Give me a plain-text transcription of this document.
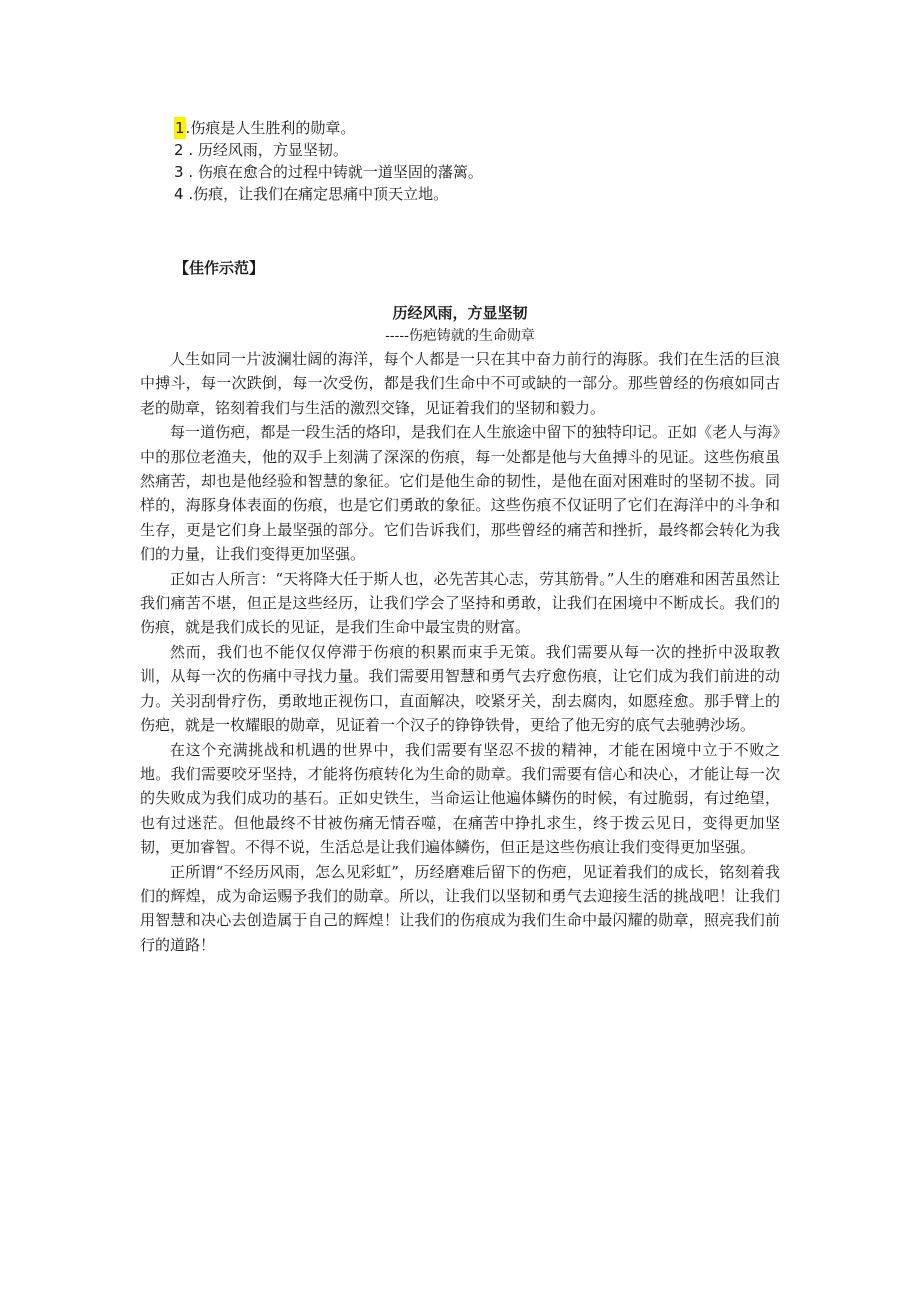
1.伤痕是人生胜利的勋章。
2 . 历经风雨，方显坚韧。
3 . 伤痕在愈合的过程中铸就一道坚固的藩篱。
4 .伤痕，让我们在痛定思痛中顶天立地。
【佳作示范】
历经风雨，方显坚韧
-----伤疤铸就的生命勋章

人生如同一片波澜壮阔的海洋，每个人都是一只在其中奋力前行的海豚。我们在生活的巨浪中搏斗，每一次跌倒，每一次受伤，都是我们生命中不可或缺的一部分。那些曾经的伤痕如同古老的勋章，铭刻着我们与生活的激烈交锋，见证着我们的坚韧和毅力。

每一道伤疤，都是一段生活的烙印，是我们在人生旅途中留下的独特印记。正如《老人与海》中的那位老渔夫，他的双手上刻满了深深的伤痕，每一处都是他与大鱼搏斗的见证。这些伤痕虽然痛苦，却也是他经验和智慧的象征。它们是他生命的韧性，是他在面对困难时的坚韧不拔。同样的，海豚身体表面的伤痕，也是它们勇敢的象征。这些伤痕不仅证明了它们在海洋中的斗争和生存，更是它们身上最坚强的部分。它们告诉我们，那些曾经的痛苦和挫折，最终都会转化为我们的力量，让我们变得更加坚强。

正如古人所言：“天将降大任于斯人也，必先苦其心志，劳其筋骨。”人生的磨难和困苦虽然让我们痛苦不堪，但正是这些经历，让我们学会了坚持和勇敢，让我们在困境中不断成长。我们的伤痕，就是我们成长的见证，是我们生命中最宝贵的财富。

然而，我们也不能仅仅停滞于伤痕的积累而束手无策。我们需要从每一次的挫折中汲取教训，从每一次的伤痛中寻找力量。我们需要用智慧和勇气去疗愈伤痕，让它们成为我们前进的动力。关羽刮骨疗伤，勇敢地正视伤口，直面解决，咬紧牙关，刮去腐肉，如愿痊愈。那手臂上的伤疤，就是一枚耀眼的勋章，见证着一个汉子的铮铮铁骨，更给了他无穷的底气去驰骋沙场。

在这个充满挑战和机遇的世界中，我们需要有坚忍不拔的精神，才能在困境中立于不败之地。我们需要咬牙坚持，才能将伤痕转化为生命的勋章。我们需要有信心和决心，才能让每一次的失败成为我们成功的基石。正如史铁生，当命运让他遍体鳞伤的时候，有过脆弱，有过绝望，也有过迷茫。但他最终不甘被伤痛无情吞噬，在痛苦中挣扎求生，终于拨云见日，变得更加坚韧，更加睿智。不得不说，生活总是让我们遍体鳞伤，但正是这些伤痕让我们变得更加坚强。

正所谓“不经历风雨，怎么见彩虹”，历经磨难后留下的伤疤，见证着我们的成长，铭刻着我们的辉煌，成为命运赐予我们的勋章。所以，让我们以坚韧和勇气去迎接生活的挑战吧！让我们用智慧和决心去创造属于自己的辉煌！让我们的伤痕成为我们生命中最闪耀的勋章，照亮我们前行的道路！
